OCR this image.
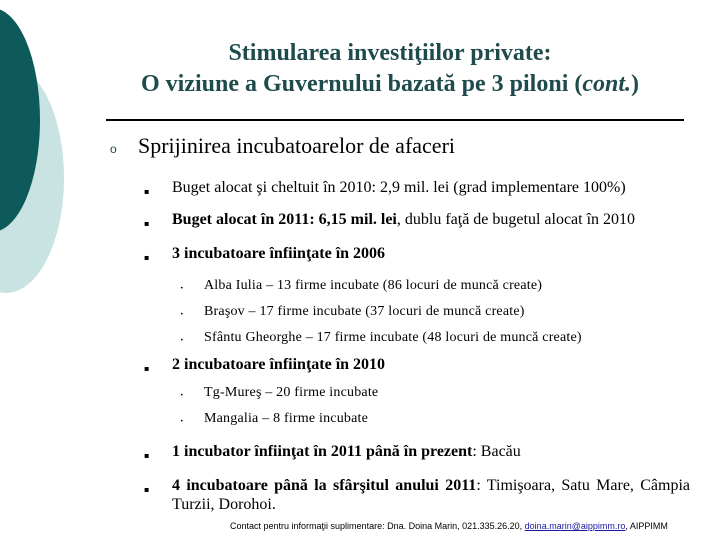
Stimularea investiţiilor private:
O viziune a Guvernului bazată pe 3 piloni (cont.)
o Sprijinirea incubatoarelor de afaceri
▪ Buget alocat şi cheltuit în 2010: 2,9 mil. lei (grad implementare 100%)
▪ Buget alocat în 2011: 6,15 mil. lei, dublu faţă de bugetul alocat în 2010
▪ 3 incubatoare înfiinţate în 2006
• Alba Iulia – 13 firme incubate (86 locuri de muncă create)
• Braşov – 17 firme incubate (37 locuri de muncă create)
• Sfântu Gheorghe – 17 firme incubate (48 locuri de muncă create)
▪ 2 incubatoare înfiinţate în 2010
• Tg-Mureş – 20 firme incubate
• Mangalia – 8 firme incubate
▪ 1 incubator înfiinţat în 2011 până în prezent: Bacău
▪ 4 incubatoare până la sfârşitul anului 2011: Timişoara, Satu Mare, Câmpia Turzii, Dorohoi.
Contact pentru informaţii suplimentare: Dna. Doina Marin, 021.335.26.20, doina.marin@aippimm.ro, AIPPIMM
